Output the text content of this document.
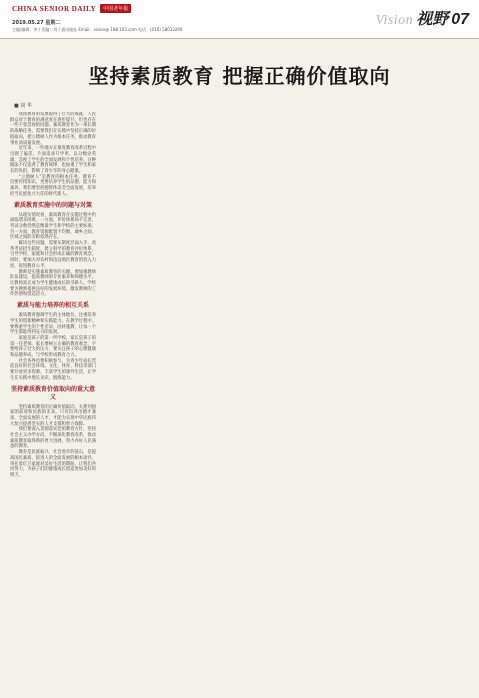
CHINA SENIOR DAILY	中国老年报
2019.05.27 星期二
主编/编辑：李 / 美编：刘 / 通讯地址 Email：vision@ 188 163.com 电话：(010) 58033200
Vision 视野 07
坚持素质教育 把握正确价值取向
■ 胡 华

我国教育的发展取得了巨大的成就，人民群众对于教育的满意度在逐步提升，但也存在一些不容忽视的问题。素质教育作为一项长期的战略任务，需要我们在实践中坚持正确的价值取向，把立德树人作为根本任务，推动教育事业高质量发展。

近年来，一些地方在推进教育改革过程中出现了偏差，片面追求升学率，以分数论英雄，忽视了学生的全面发展和个性培养。这种做法不仅违背了教育规律，也加重了学生和家长的负担，影响了青少年的身心健康。

“立德树人”是教育的根本任务。教育不仅要传授知识，更要培养学生的品德、能力和素养。我们要坚持德智体美劳全面发展，培养担当民族复兴大任的时代新人。

素质教育实施中的问题与对策

从现实情况看，素质教育在实施过程中仍面临诸多困难。一方面，评价体系尚不完善，考试分数仍然是衡量学生和学校的主要标准；另一方面，教育资源配置不均衡，城乡之间、区域之间的差距依然存在。

解决这些问题，需要从制度层面入手，改革考试招生制度，建立科学的教育评价体系，引导学校、家庭和社会形成正确的教育观念。同时，要加大对农村和边远地区教育的投入力度，促进教育公平。

教师是实施素质教育的关键。要加强教师队伍建设，提高教师的专业素养和师德水平，让教师真正成为学生健康成长的引路人。学校要为教师提供良好的发展环境，激发教师的工作热情和创造活力。

素质与能力培养的相互关系

素质教育强调学生的主体地位，注重培养学生的创新精神和实践能力。在教学过程中，要尊重学生的个性差异，因材施教，让每一个学生都能得到充分的发展。

家庭是孩子的第一所学校，家长是孩子的第一任老师。家长要树立正确的教育观念，不要给孩子过大的压力，要关注孩子的心理健康和品德养成，与学校形成教育合力。

社会各界也要积极参与，为青少年成长营造良好的社会环境。文化、体育、科技等部门要开放更多资源，丰富学生的课外生活，让学生在实践中增长见识、锻炼能力。

坚持素质教育价值取向的重大意义

坚持素质教育的正确价值取向，关系到国家的前途和民族的未来。只有培养出德才兼备、全面发展的人才，才能为实现中华民族伟大复兴提供坚实的人才支撑和智力保障。

我们要深入贯彻落实党的教育方针，坚持社会主义办学方向，不断深化教育改革，推动素质教育取得新的更大进展，努力办好人民满意的教育。

教育是民族振兴、社会进步的基石，是提高国民素质、促进人的全面发展的根本途径，寄托着亿万家庭对美好生活的期盼。让我们共同努力，为孩子们的健康成长创造更加美好的明天。
